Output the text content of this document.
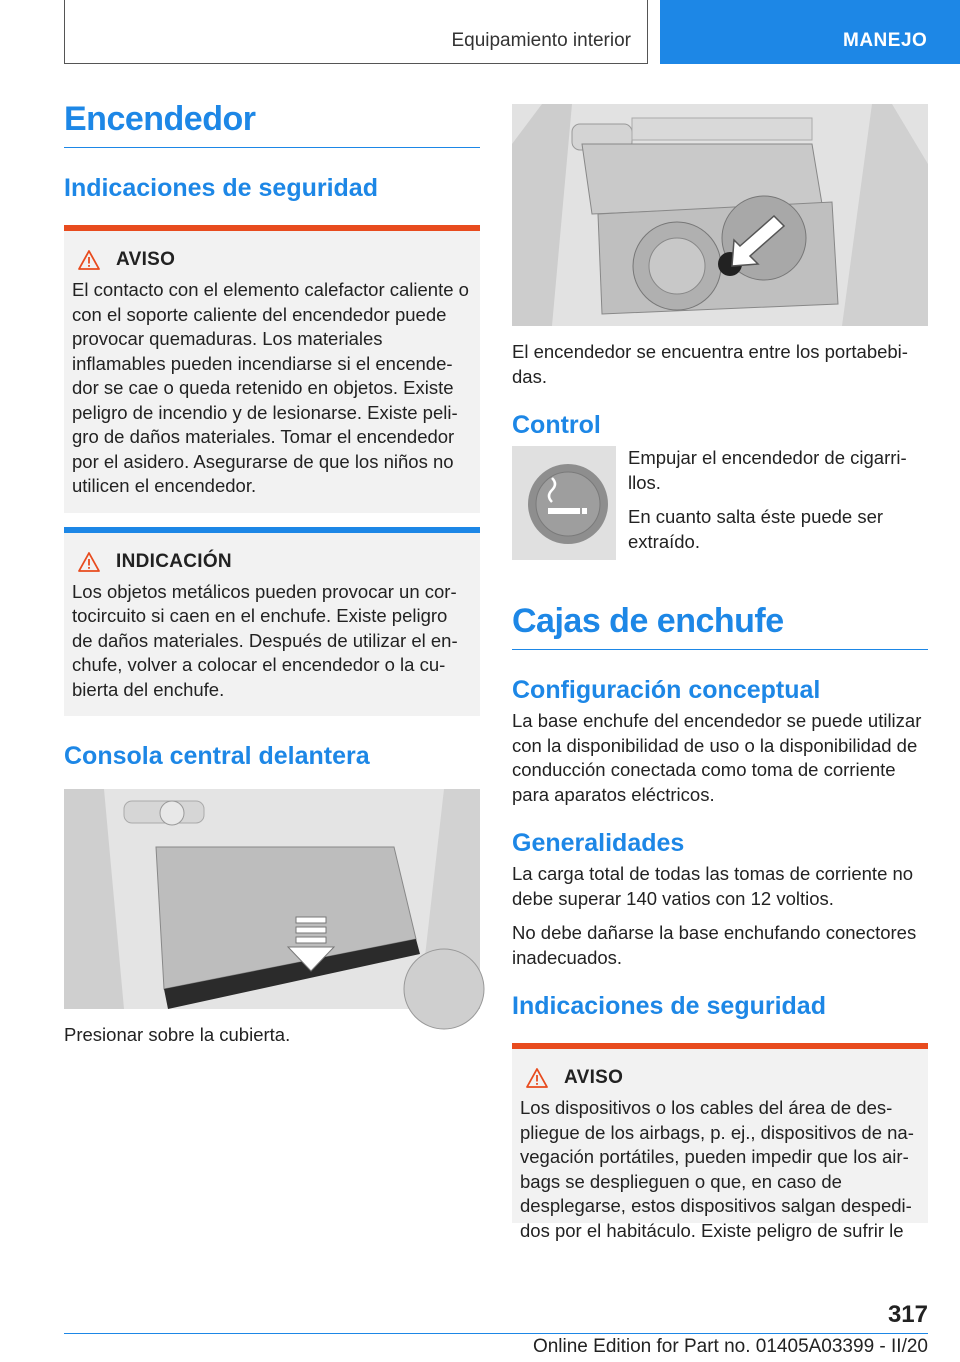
Equipamiento interior	MANEJO
Encendedor
Indicaciones de seguridad
AVISO

El contacto con el elemento calefactor caliente o con el soporte caliente del encendedor puede provocar quemaduras. Los materiales inflamables pueden incendiarse si el encendedor se cae o queda retenido en objetos. Existe peligro de incendio y de lesionarse. Existe peligro de daños materiales. Tomar el encendedor por el asidero. Asegurarse de que los niños no utilicen el encendedor.

INDICACIÓN

Los objetos metálicos pueden provocar un cortocircuito si caen en el enchufe. Existe peligro de daños materiales. Después de utilizar el enchufe, volver a colocar el encendedor o la cubierta del enchufe.

Consola central delantera

Presionar sobre la cubierta.

El encendedor se encuentra entre los portabebidas.

Control

Empujar el encendedor de cigarrillos.

En cuanto salta éste puede ser extraído.

Cajas de enchufe
Configuración conceptual

La base enchufe del encendedor se puede utilizar con la disponibilidad de uso o la disponibilidad de conducción conectada como toma de corriente para aparatos eléctricos.

Generalidades

La carga total de todas las tomas de corriente no debe superar 140 vatios con 12 voltios.

No debe dañarse la base enchufando conectores inadecuados.

Indicaciones de seguridad
AVISO

Los dispositivos o los cables del área de despliegue de los airbags, p. ej., dispositivos de navegación portátiles, pueden impedir que los airbags se desplieguen o que, en caso de desplegarse, estos dispositivos salgan despedidos por el habitáculo. Existe peligro de sufrir le

317
Online Edition for Part no. 01405A03399 - II/20
